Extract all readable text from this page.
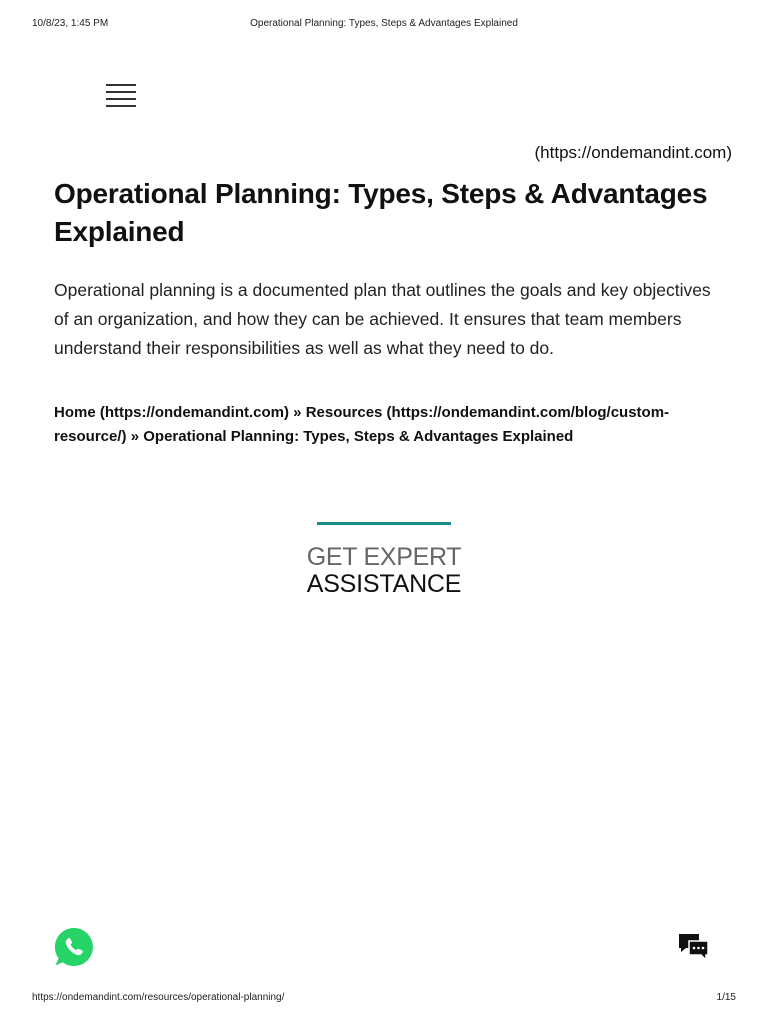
10/8/23, 1:45 PM	Operational Planning: Types, Steps & Advantages Explained
(https://ondemandint.com)
Operational Planning: Types, Steps & Advantages Explained

Operational planning is a documented plan that outlines the goals and key objectives of an organization, and how they can be achieved. It ensures that team members understand their responsibilities as well as what they need to do.

Home (https://ondemandint.com) » Resources (https://ondemandint.com/blog/custom-resource/) » Operational Planning: Types, Steps & Advantages Explained

GET EXPERT
ASSISTANCE
https://ondemandint.com/resources/operational-planning/	1/15
